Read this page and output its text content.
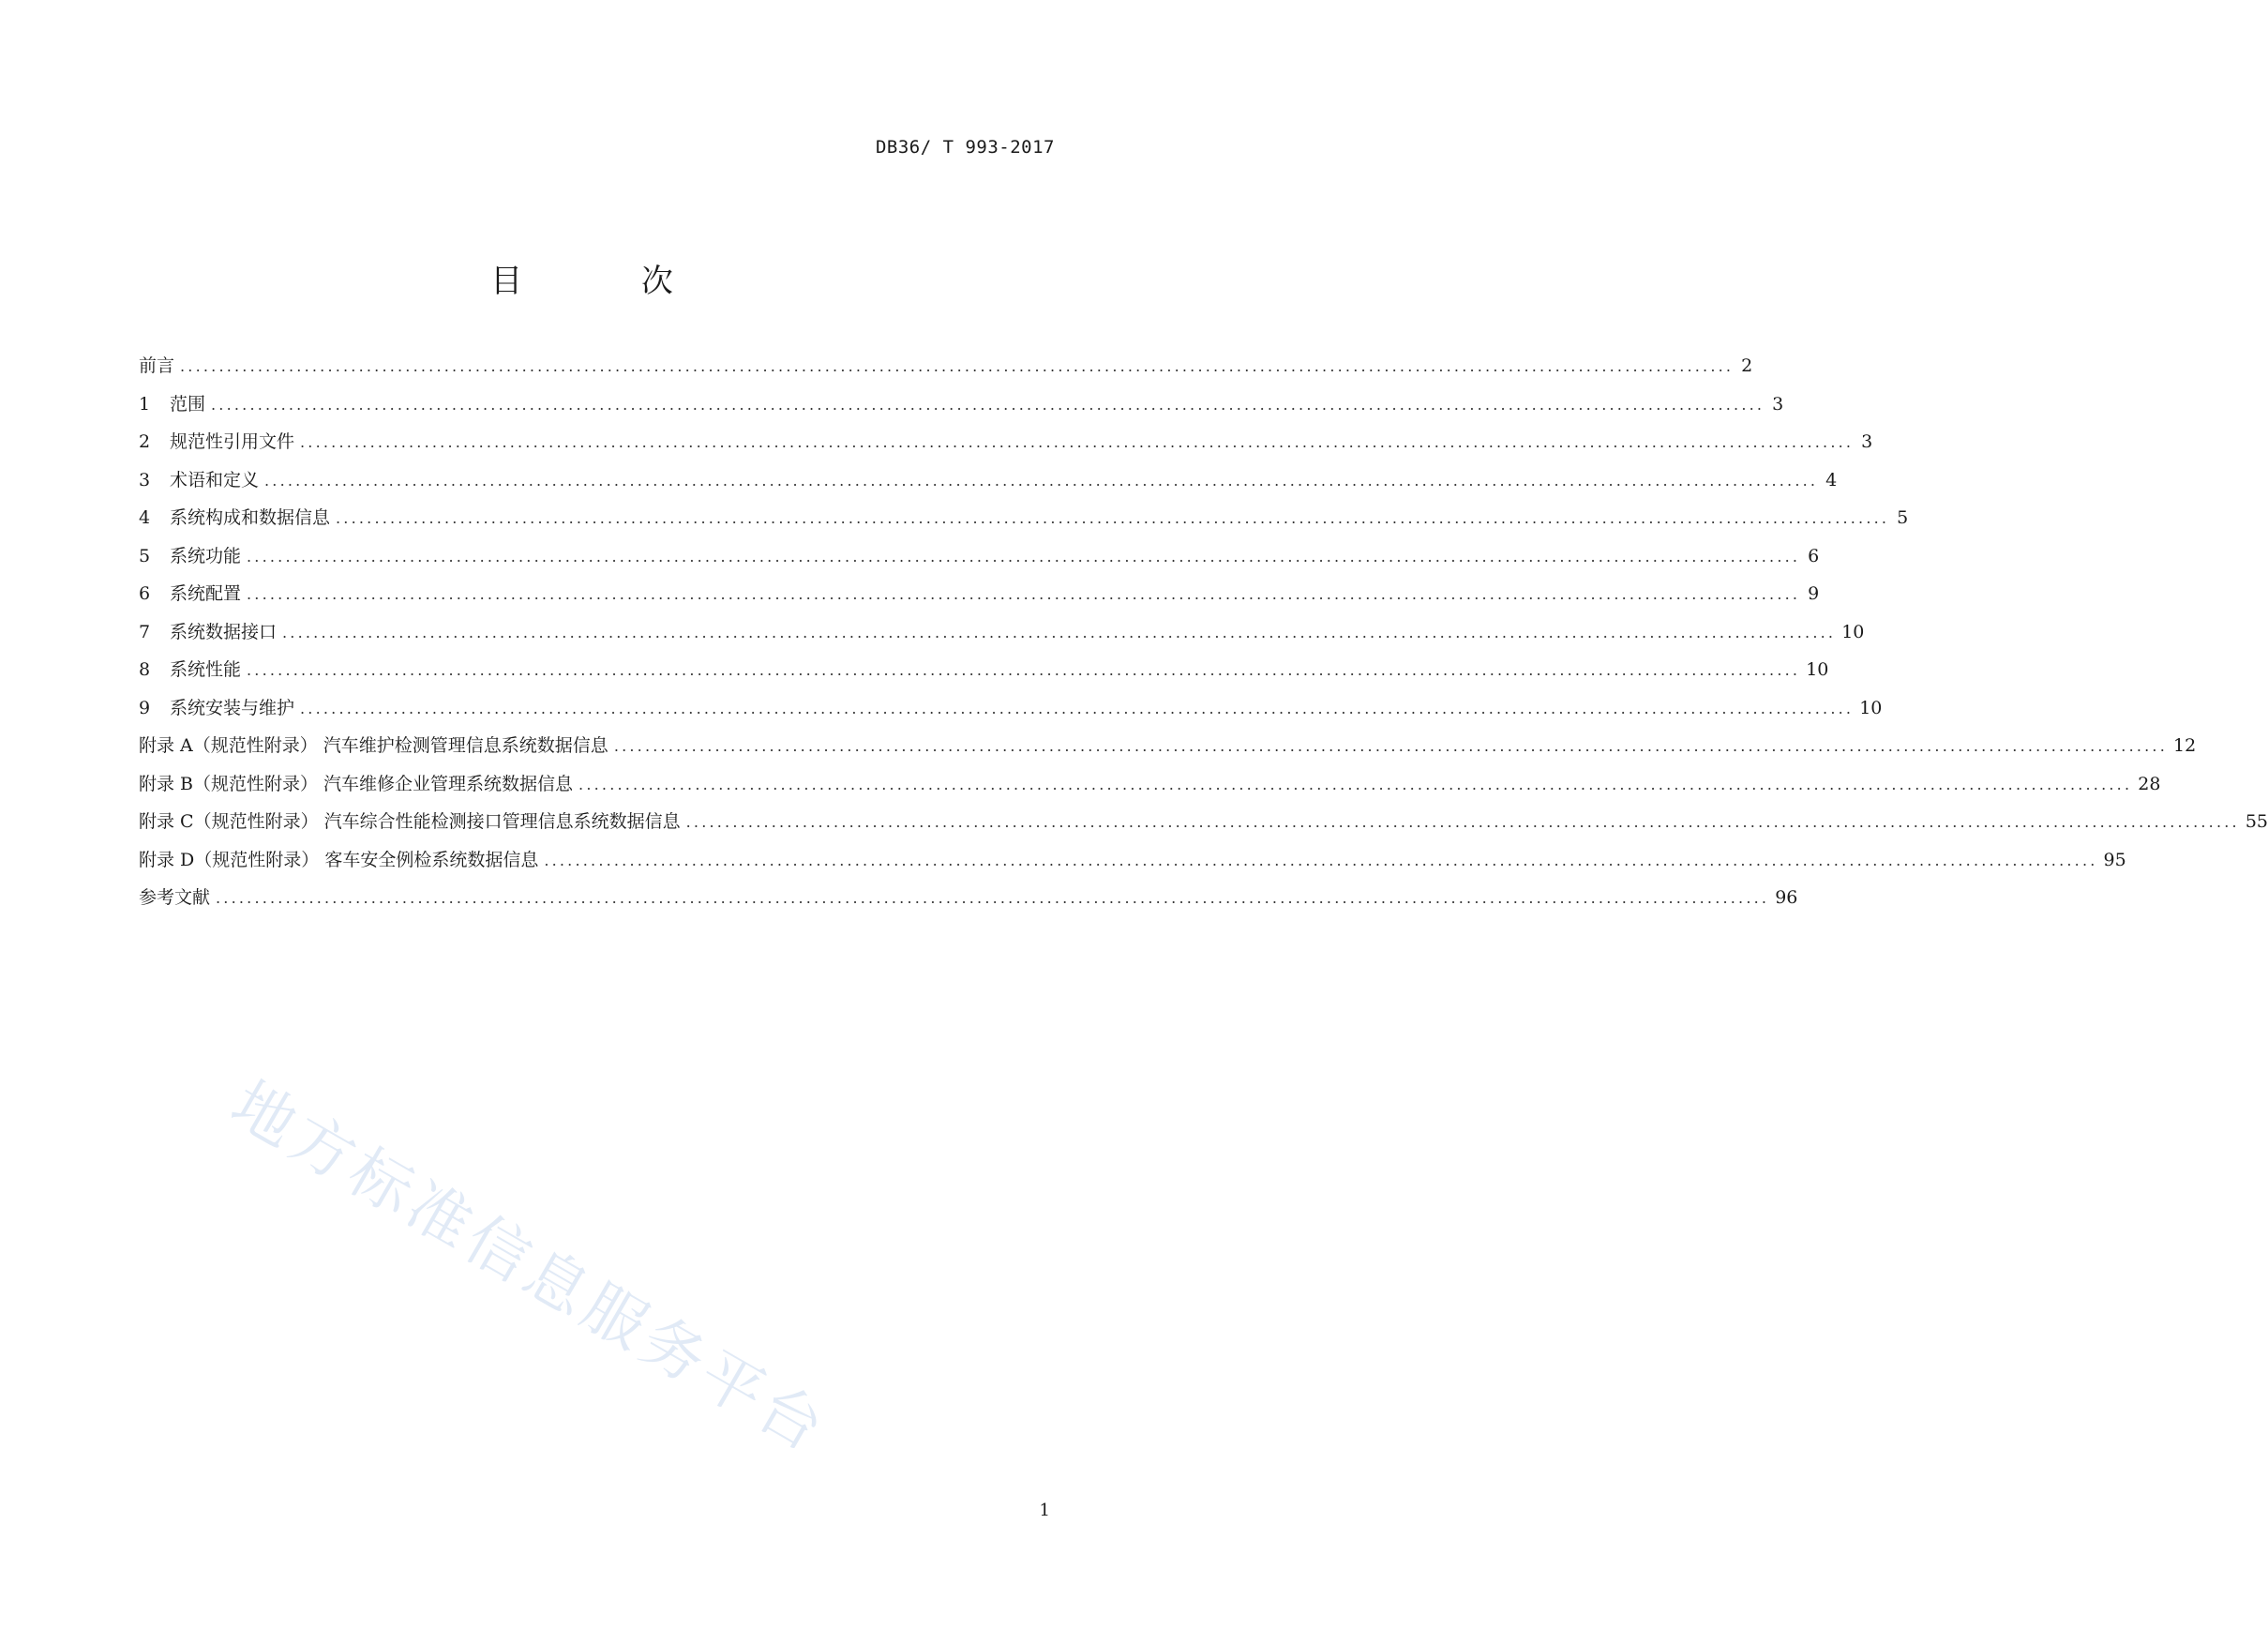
DB36/ T 993-2017
目 次
前言 ........................................................................................................................................................................................................ 2
1	范围 ........................................................................................................................................................................................................ 3
2	规范性引用文件 ........................................................................................................................................................................................................ 3
3	术语和定义 ........................................................................................................................................................................................................ 4
4	系统构成和数据信息 ........................................................................................................................................................................................................ 5
5	系统功能 ........................................................................................................................................................................................................ 6
6	系统配置 ........................................................................................................................................................................................................ 9
7	系统数据接口 ........................................................................................................................................................................................................ 10
8	系统性能 ........................................................................................................................................................................................................ 10
9	系统安装与维护 ........................................................................................................................................................................................................ 10
附录 A（规范性附录） 汽车维护检测管理信息系统数据信息 ........................................................................................................................................................................................................ 12
附录 B（规范性附录） 汽车维修企业管理系统数据信息 ........................................................................................................................................................................................................ 28
附录 C（规范性附录） 汽车综合性能检测接口管理信息系统数据信息 ........................................................................................................................................................................................................ 55
附录 D（规范性附录） 客车安全例检系统数据信息 ........................................................................................................................................................................................................ 95
参考文献 ........................................................................................................................................................................................................ 96
地方标准信息服务平台
1
